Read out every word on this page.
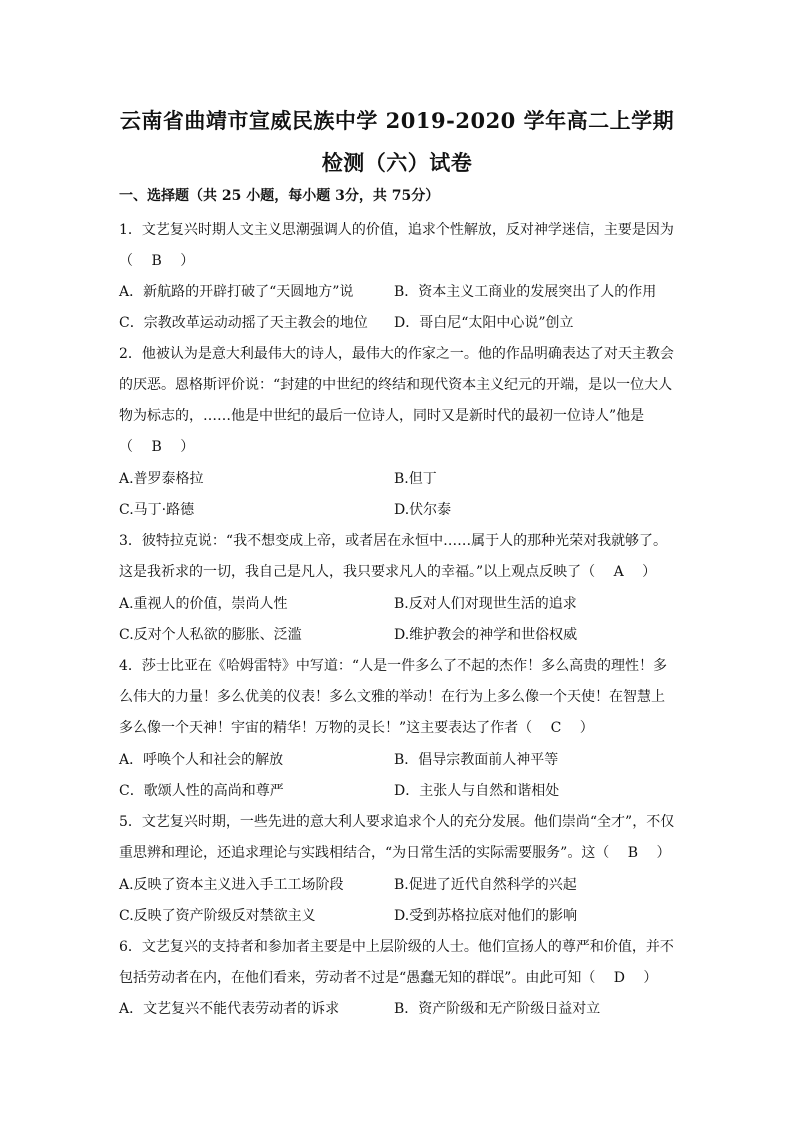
云南省曲靖市宣威民族中学 2019-2020 学年高二上学期
检测（六）试卷
一、选择题（共 25 小题，每小题 3分，共 75分）
1．文艺复兴时期人文主义思潮强调人的价值，追求个性解放，反对神学迷信，主要是因为
（　 B　 ）
A．新航路的开辟打破了“天圆地方”说	B．资本主义工商业的发展突出了人的作用
C．宗教改革运动动摇了天主教会的地位 D．哥白尼“太阳中心说”创立
2．他被认为是意大利最伟大的诗人，最伟大的作家之一。他的作品明确表达了对天主教会
的厌恶。恩格斯评价说：“封建的中世纪的终结和现代资本主义纪元的开端，是以一位大人
物为标志的，……他是中世纪的最后一位诗人，同时又是新时代的最初一位诗人”他是
（　 B　 ）
A.普罗泰格拉	B.但丁
C.马丁·路德	D.伏尔泰
3．彼特拉克说：“我不想变成上帝，或者居在永恒中……属于人的那种光荣对我就够了。
这是我祈求的一切，我自己是凡人，我只要求凡人的幸福。”以上观点反映了（　 A　 ）
A.重视人的价值，崇尚人性	B.反对人们对现世生活的追求
C.反对个人私欲的膨胀、泛滥	D.维护教会的神学和世俗权威
4．莎士比亚在《哈姆雷特》中写道：“人是一件多么了不起的杰作！多么高贵的理性！多
么伟大的力量！多么优美的仪表！多么文雅的举动！在行为上多么像一个天使！在智慧上
多么像一个天神！宇宙的精华！万物的灵长！”这主要表达了作者（　 C　 ）
A．呼唤个人和社会的解放	B．倡导宗教面前人神平等
C．歌颂人性的高尚和尊严	D．主张人与自然和谐相处
5．文艺复兴时期，一些先进的意大利人要求追求个人的充分发展。他们崇尚“全才”，不仅
重思辨和理论，还追求理论与实践相结合，“为日常生活的实际需要服务”。这（　 B　 ）
A.反映了资本主义进入手工工场阶段	B.促进了近代自然科学的兴起
C.反映了资产阶级反对禁欲主义	D.受到苏格拉底对他们的影响
6．文艺复兴的支持者和参加者主要是中上层阶级的人士。他们宣扬人的尊严和价值，并不
包括劳动者在内，在他们看来，劳动者不过是“愚蠢无知的群氓”。由此可知（　 D　 ）
A．文艺复兴不能代表劳动者的诉求	B．资产阶级和无产阶级日益对立
